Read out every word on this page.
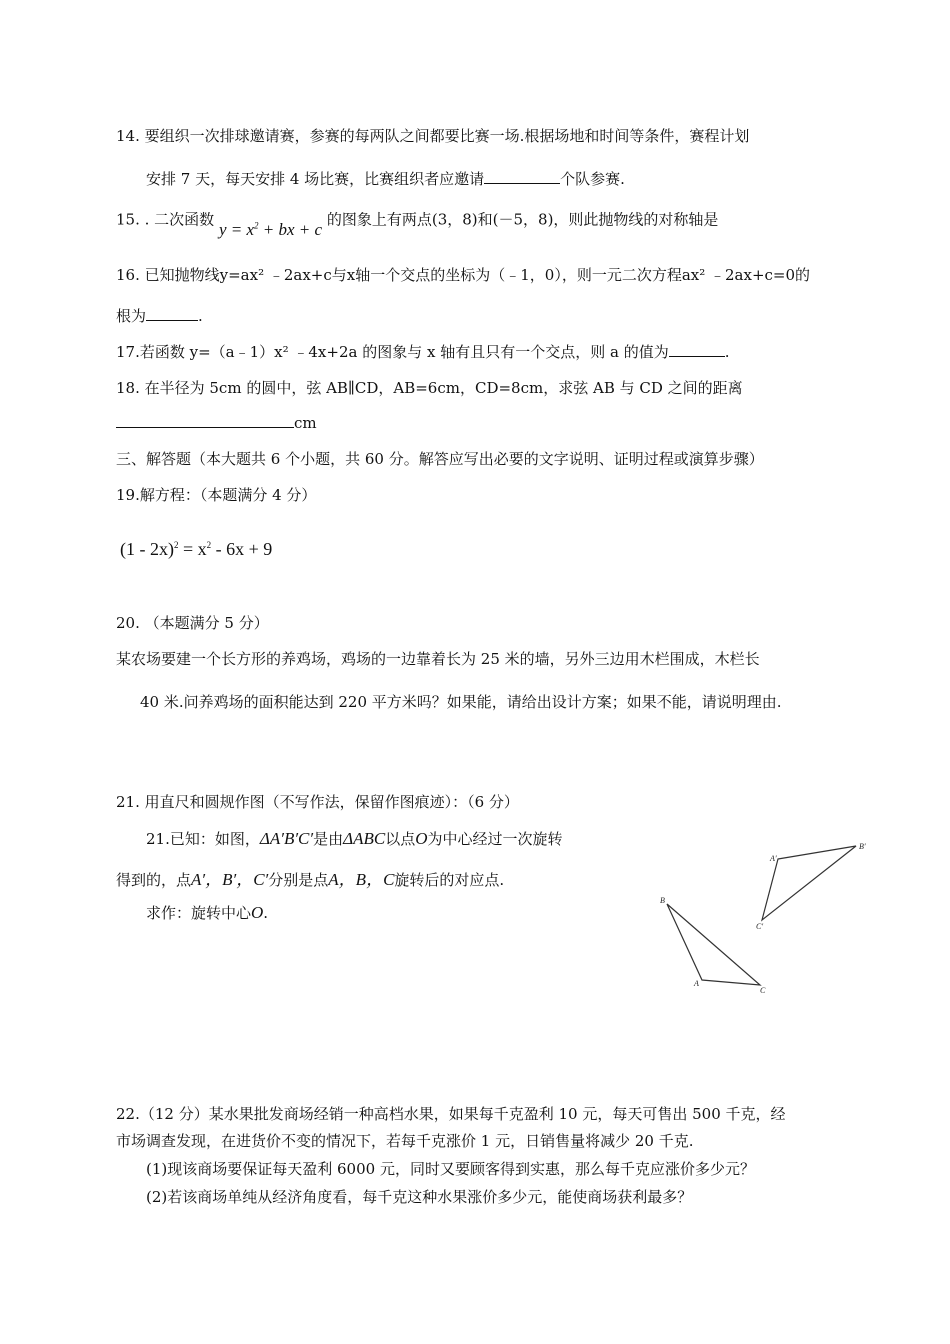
14. 要组织一次排球邀请赛，参赛的每两队之间都要比赛一场.根据场地和时间等条件，赛程计划
安排 7 天，每天安排 4 场比赛，比赛组织者应邀请	个队参赛.
15. . 二次函数 $y = x^2$ + bx + c 的图象上有两点(3，8)和(－5，8)，则此抛物线的对称轴是
16. 已知抛物线y=ax² ﹣2ax+c与x轴一个交点的坐标为（﹣1，0），则一元二次方程ax² ﹣2ax+c=0的
根为	.
17.若函数 y=（a﹣1）x² ﹣4x+2a 的图象与 x 轴有且只有一个交点，则 a 的值为	.
18. 在半径为 5cm 的圆中，弦 AB∥CD，AB=6cm，CD=8cm，求弦 AB 与 CD 之间的距离
cm
三、解答题（本大题共 6 个小题，共 60 分。解答应写出必要的文字说明、证明过程或演算步骤）
19.解方程：（本题满分 4 分）
$(1 - 2x)^2 = x^2 - 6x + 9$
20. （本题满分 5 分）
某农场要建一个长方形的养鸡场，鸡场的一边靠着长为 25 米的墙，另外三边用木栏围成，木栏长
40 米.问养鸡场的面积能达到 220 平方米吗？如果能，请给出设计方案；如果不能，请说明理由.
21. 用直尺和圆规作图（不写作法，保留作图痕迹）：（6 分）
21.已知：如图，ΔA′B′C′是由ΔABC以点O为中心经过一次旋转
得到的，点A′，B′，C′分别是点A，B，C旋转后的对应点.
求作：旋转中心O.
B
A
C
A′
B′
C′
22.（12 分）某水果批发商场经销一种高档水果，如果每千克盈利 10 元，每天可售出 500 千克，经
市场调查发现，在进货价不变的情况下，若每千克涨价 1 元，日销售量将减少 20 千克.
(1)现该商场要保证每天盈利 6000 元，同时又要顾客得到实惠，那么每千克应涨价多少元？
(2)若该商场单纯从经济角度看，每千克这种水果涨价多少元，能使商场获利最多？
